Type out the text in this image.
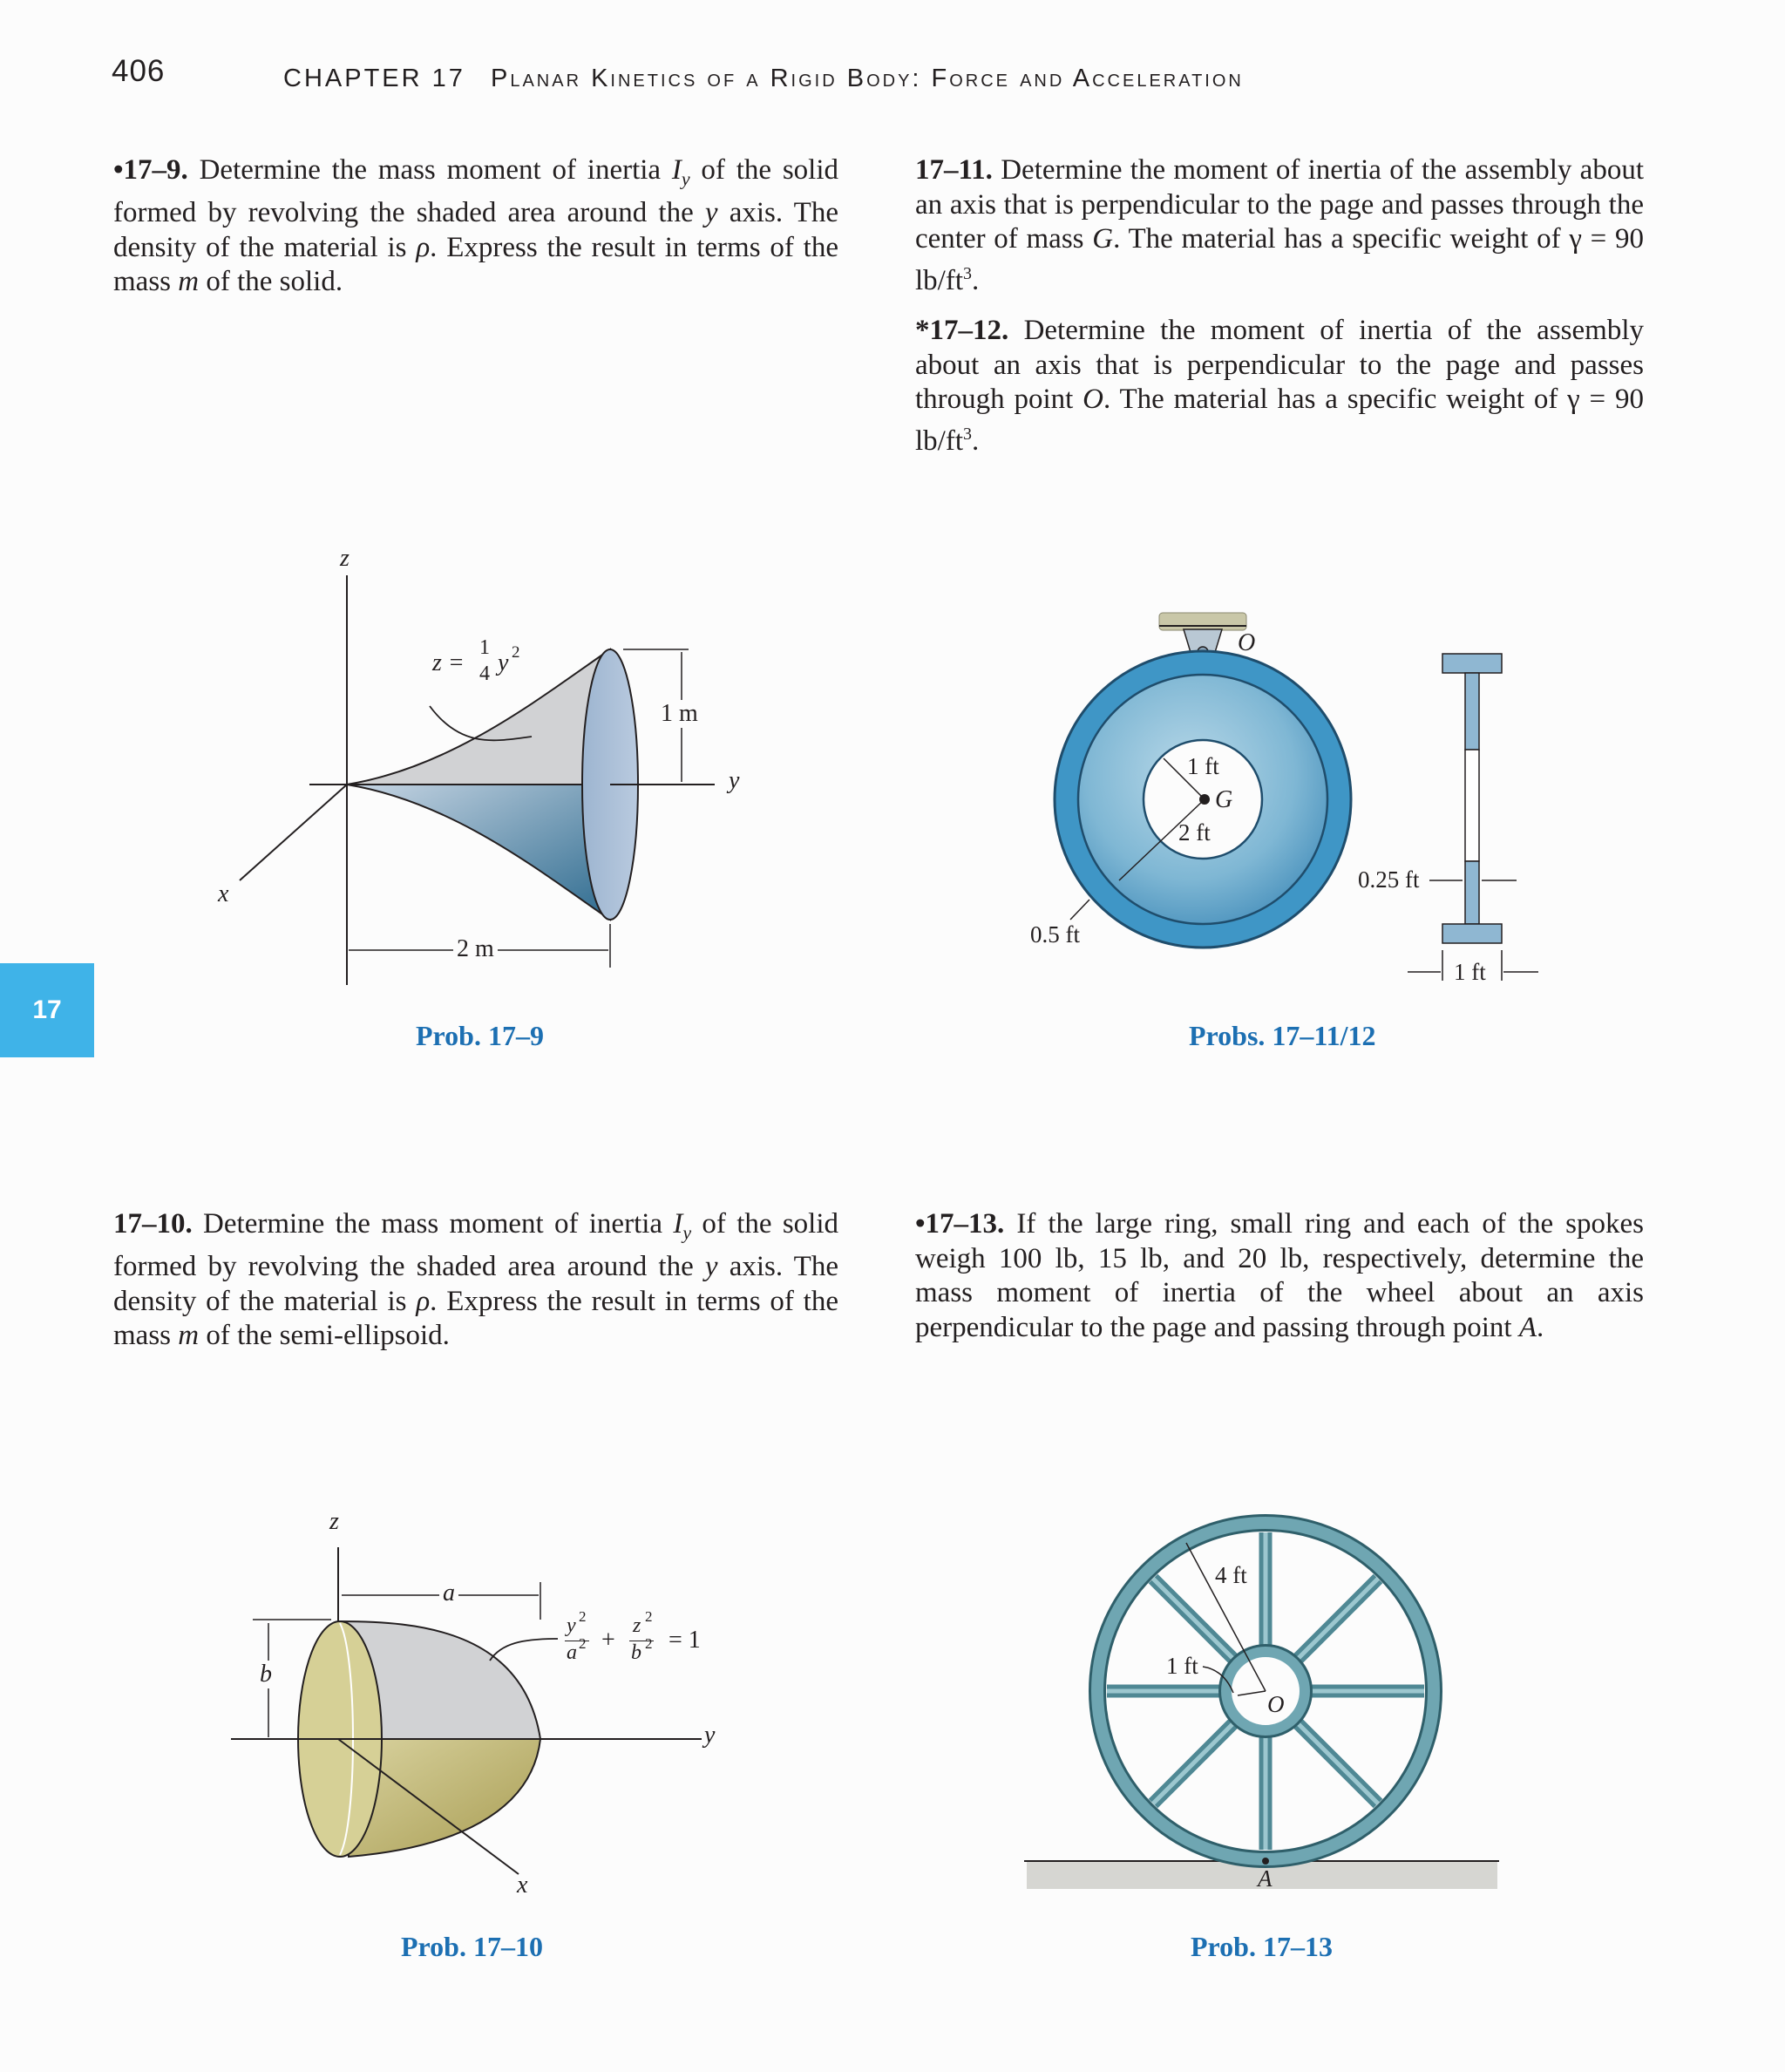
406	CHAPTER 17 Planar Kinetics of a Rigid Body: Force and Acceleration
17
•17–9. Determine the mass moment of inertia $I_y$ of the solid formed by revolving the shaded area around the y axis. The density of the material is ρ. Express the result in terms of the mass m of the solid.
17–11. Determine the moment of inertia of the assembly about an axis that is perpendicular to the page and passes through the center of mass G. The material has a specific weight of γ = 90 $lb/ft^3$.
*17–12. Determine the moment of inertia of the assembly about an axis that is perpendicular to the page and passes through point O. The material has a specific weight of γ = 90 $lb/ft^3$.
17–10. Determine the mass moment of inertia $I_y$ of the solid formed by revolving the shaded area around the y axis. The density of the material is ρ. Express the result in terms of the mass m of the semi-ellipsoid.
•17–13. If the large ring, small ring and each of the spokes weigh 100 lb, 15 lb, and 20 lb, respectively, determine the mass moment of inertia of the wheel about an axis perpendicular to the page and passing through point A.
z
x
y
z =
1
4 y 2
1 m
2 m
Prob. 17–9
O
G
1 ft
2 ft
0.5 ft
0.25 ft
1 ft
Probs. 17–11/12
z
x
y
a
b
y 2
a 2 +
z 2
b 2 = 1
Prob. 17–10
4 ft
1 ft
O
A
Prob. 17–13
